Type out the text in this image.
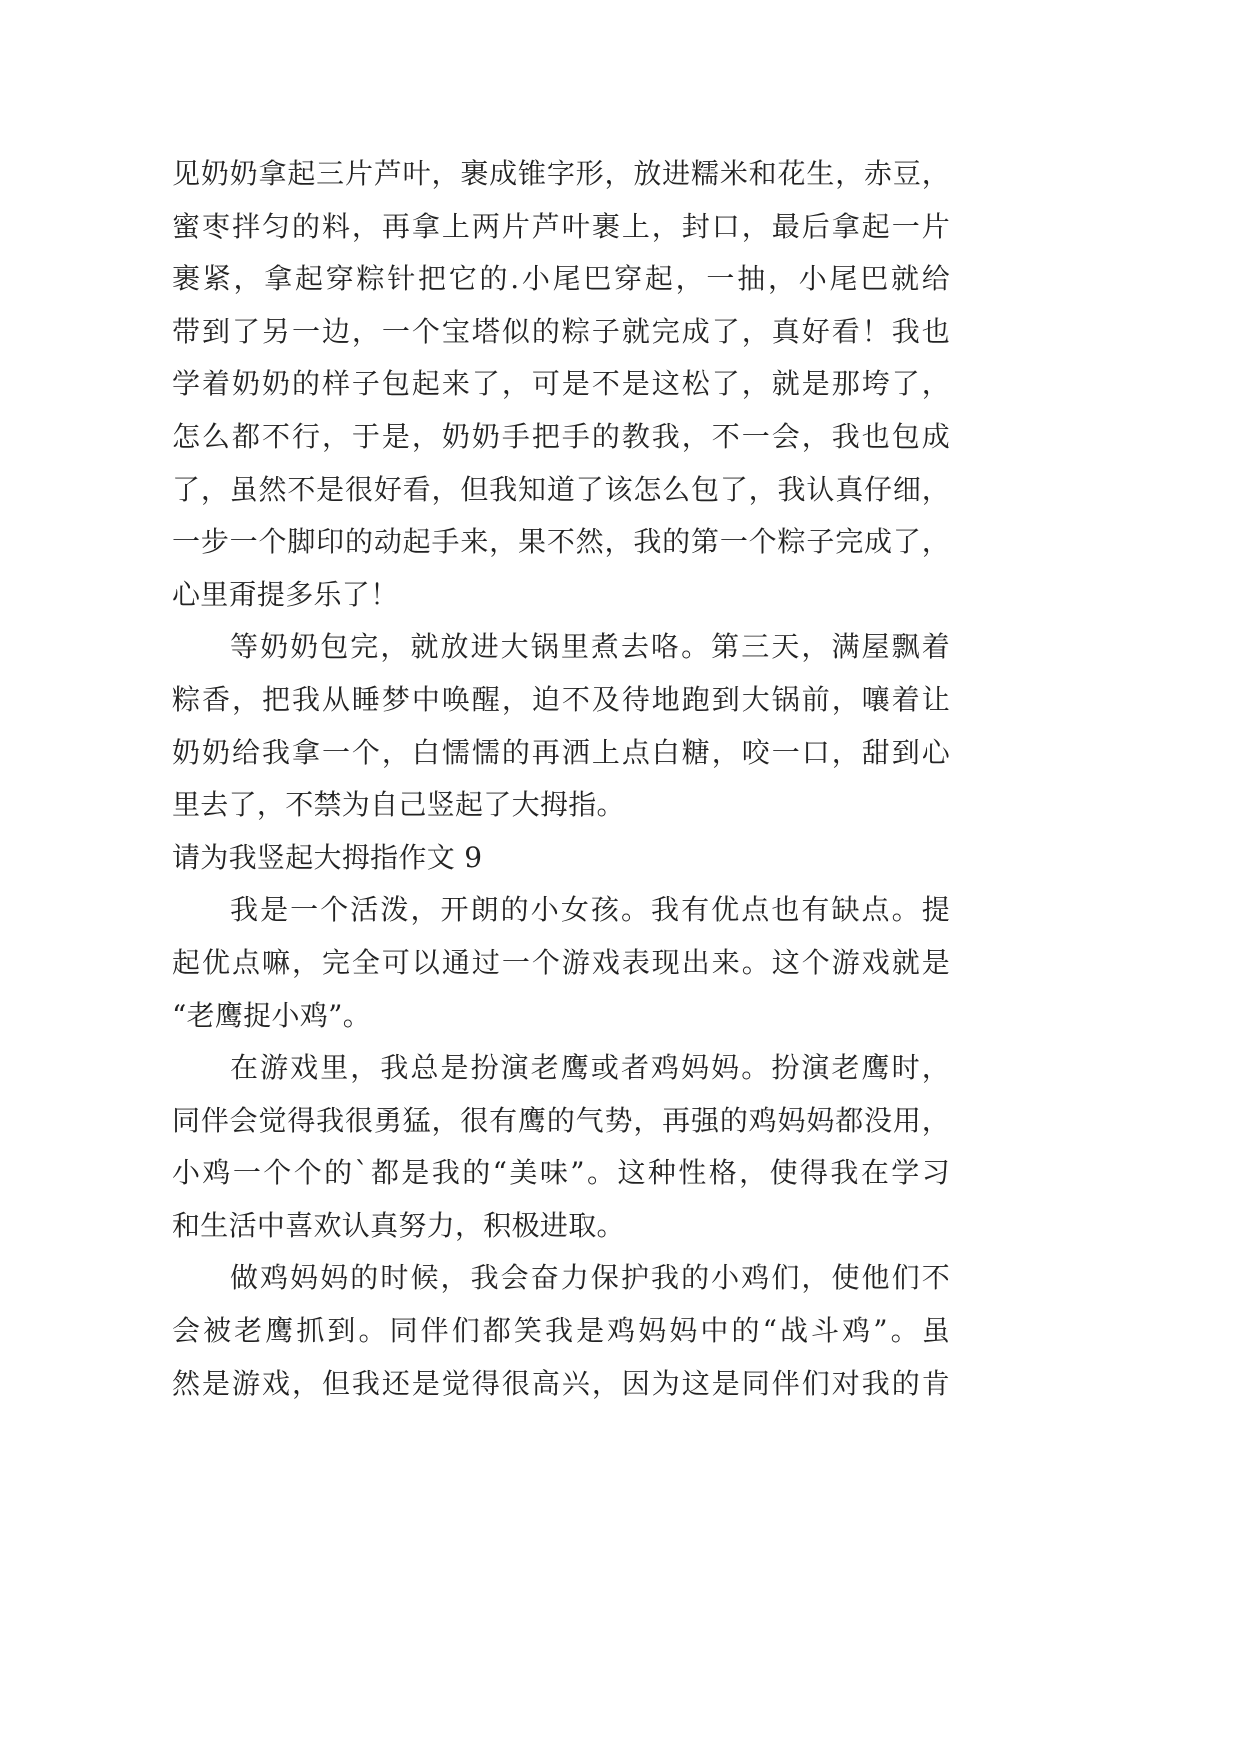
见奶奶拿起三片芦叶，裹成锥字形，放进糯米和花生，赤豆，
蜜枣拌匀的料，再拿上两片芦叶裹上，封口，最后拿起一片
裹紧，拿起穿粽针把它的.小尾巴穿起，一抽，小尾巴就给
带到了另一边，一个宝塔似的粽子就完成了，真好看！我也
学着奶奶的样子包起来了，可是不是这松了，就是那垮了，
怎么都不行，于是，奶奶手把手的教我，不一会，我也包成
了，虽然不是很好看，但我知道了该怎么包了，我认真仔细，
一步一个脚印的动起手来，果不然，我的第一个粽子完成了，
心里甭提多乐了！
等奶奶包完，就放进大锅里煮去咯。第三天，满屋飘着
粽香，把我从睡梦中唤醒，迫不及待地跑到大锅前，嚷着让
奶奶给我拿一个，白懦懦的再洒上点白糖，咬一口，甜到心
里去了，不禁为自己竖起了大拇指。
请为我竖起大拇指作文 9
我是一个活泼，开朗的小女孩。我有优点也有缺点。提
起优点嘛，完全可以通过一个游戏表现出来。这个游戏就是
“老鹰捉小鸡”。
在游戏里，我总是扮演老鹰或者鸡妈妈。扮演老鹰时，
同伴会觉得我很勇猛，很有鹰的气势，再强的鸡妈妈都没用，
小鸡一个个的`都是我的“美味”。这种性格，使得我在学习
和生活中喜欢认真努力，积极进取。
做鸡妈妈的时候，我会奋力保护我的小鸡们，使他们不
会被老鹰抓到。同伴们都笑我是鸡妈妈中的“战斗鸡”。虽
然是游戏，但我还是觉得很高兴，因为这是同伴们对我的肯
